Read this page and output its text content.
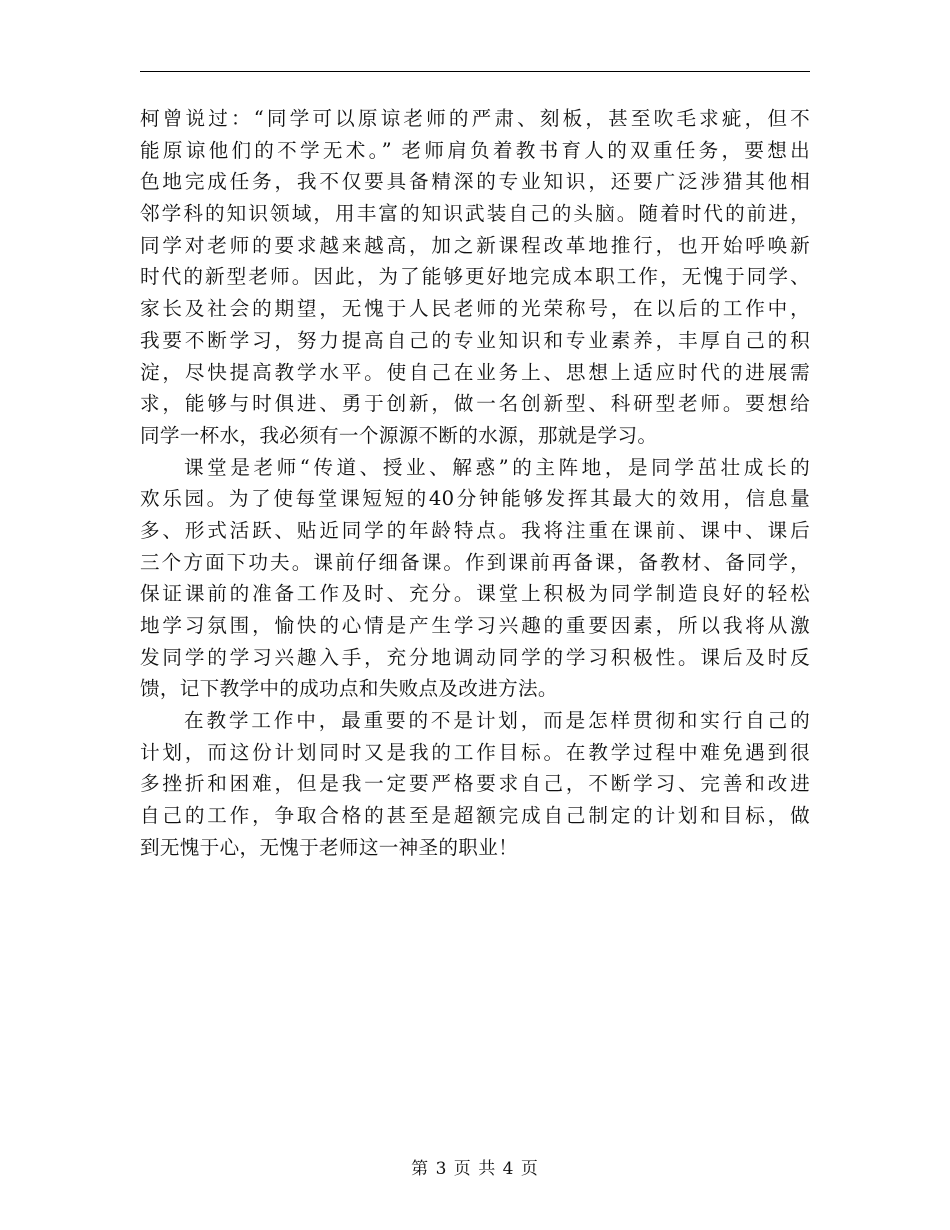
柯曾说过：“同学可以原谅老师的严肃、刻板，甚至吹毛求疵，但不
能原谅他们的不学无术。” 老师肩负着教书育人的双重任务，要想出
色地完成任务，我不仅要具备精深的专业知识，还要广泛涉猎其他相
邻学科的知识领域，用丰富的知识武装自己的头脑。随着时代的前进，
同学对老师的要求越来越高，加之新课程改革地推行，也开始呼唤新
时代的新型老师。因此，为了能够更好地完成本职工作，无愧于同学、
家长及社会的期望，无愧于人民老师的光荣称号，在以后的工作中，
我要不断学习，努力提高自己的专业知识和专业素养，丰厚自己的积
淀，尽快提高教学水平。使自己在业务上、思想上适应时代的进展需
求，能够与时俱进、勇于创新，做一名创新型、科研型老师。要想给
同学一杯水，我必须有一个源源不断的水源，那就是学习。
课堂是老师“传道、授业、解惑”的主阵地，是同学茁壮成长的
欢乐园。为了使每堂课短短的40分钟能够发挥其最大的效用，信息量
多、形式活跃、贴近同学的年龄特点。我将注重在课前、课中、课后
三个方面下功夫。课前仔细备课。作到课前再备课，备教材、备同学，
保证课前的准备工作及时、充分。课堂上积极为同学制造良好的轻松
地学习氛围，愉快的心情是产生学习兴趣的重要因素，所以我将从激
发同学的学习兴趣入手，充分地调动同学的学习积极性。课后及时反
馈，记下教学中的成功点和失败点及改进方法。
在教学工作中，最重要的不是计划，而是怎样贯彻和实行自己的
计划，而这份计划同时又是我的工作目标。在教学过程中难免遇到很
多挫折和困难，但是我一定要严格要求自己，不断学习、完善和改进
自己的工作，争取合格的甚至是超额完成自己制定的计划和目标，做
到无愧于心，无愧于老师这一神圣的职业！
第 3 页 共 4 页
